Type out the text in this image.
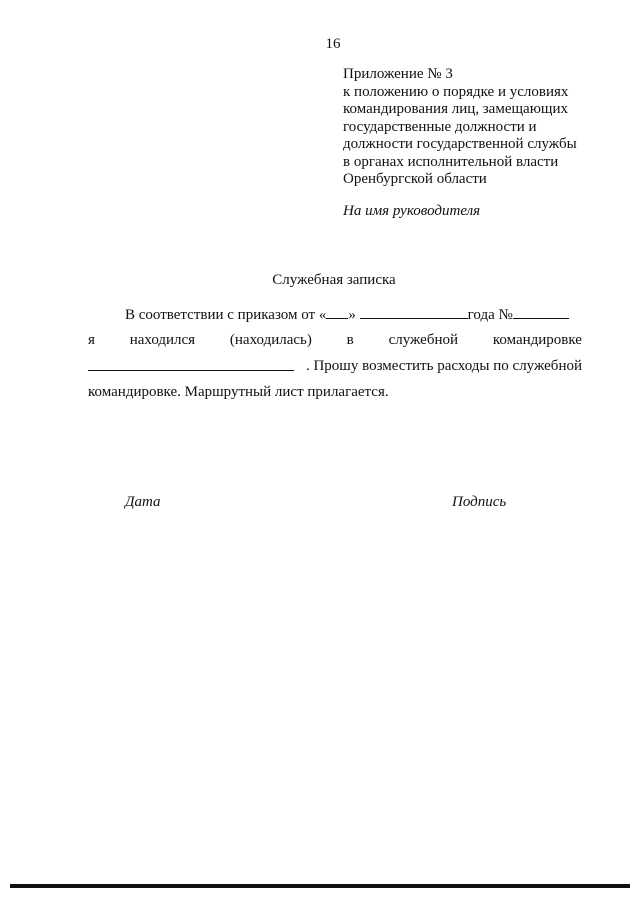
16
Приложение № 3
к положению о порядке и условиях
командирования лиц, замещающих
государственные должности и
должности государственной службы
в органах исполнительной власти
Оренбургской области
На имя руководителя
Служебная записка
В соответствии с приказом от « »	года №
я находился (находилась) в служебной командировке
. Прошу возместить расходы по служебной
командировке. Маршрутный лист прилагается.
Дата	Подпись
